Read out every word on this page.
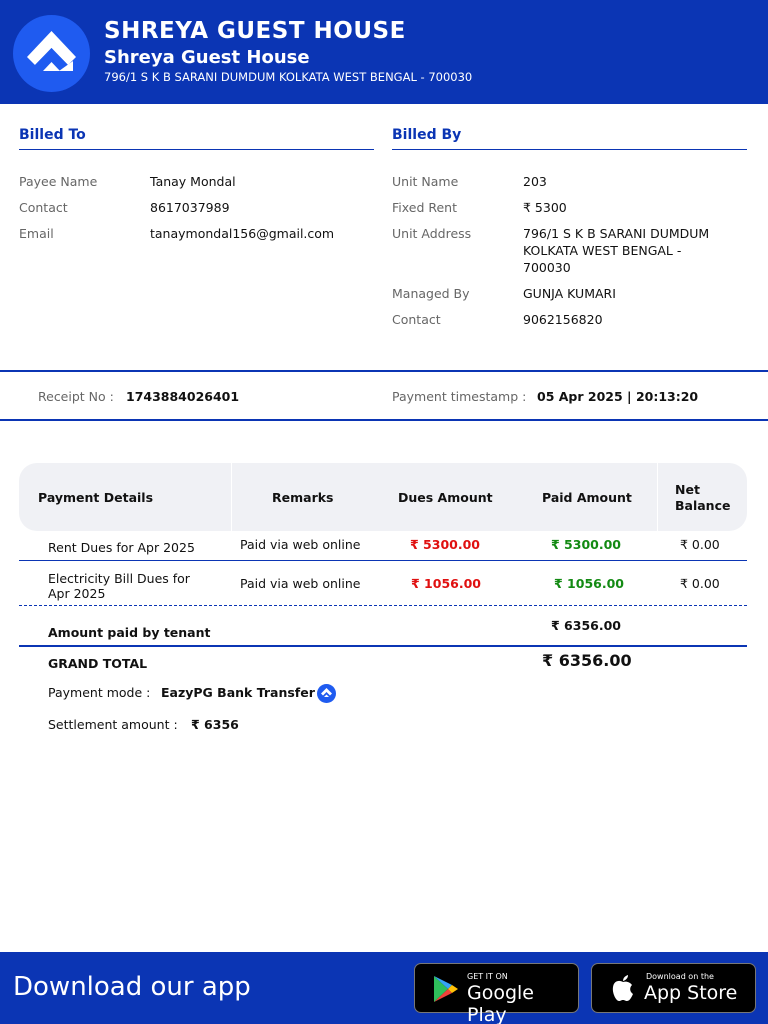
SHREYA GUEST HOUSE
Shreya Guest House
796/1 S K B SARANI DUMDUM KOLKATA WEST BENGAL - 700030
Billed To
Payee Name	Tanay Mondal
Contact	8617037989
Email	tanaymondal156@gmail.com
Billed By
Unit Name	203
Fixed Rent	₹ 5300
Unit Address	796/1 S K B SARANI DUMDUM
KOLKATA WEST BENGAL -
700030
Managed By	GUNJA KUMARI
Contact	9062156820
Receipt No : 1743884026401	Payment timestamp : 05 Apr 2025 | 20:13:20
Payment Details	Remarks	Dues Amount	Paid Amount
Net
Balance
Rent Dues for Apr 2025	Paid via web online	₹ 5300.00	₹ 5300.00	₹ 0.00
Electricity Bill Dues for
Apr 2025
Paid via web online	₹ 1056.00	₹ 1056.00	₹ 0.00
Amount paid by tenant	₹ 6356.00
GRAND TOTAL	₹ 6356.00
Payment mode : EazyPG Bank Transfer
Settlement amount : ₹ 6356
Download our app	GET IT ON
Google Play
Download on the
App Store
